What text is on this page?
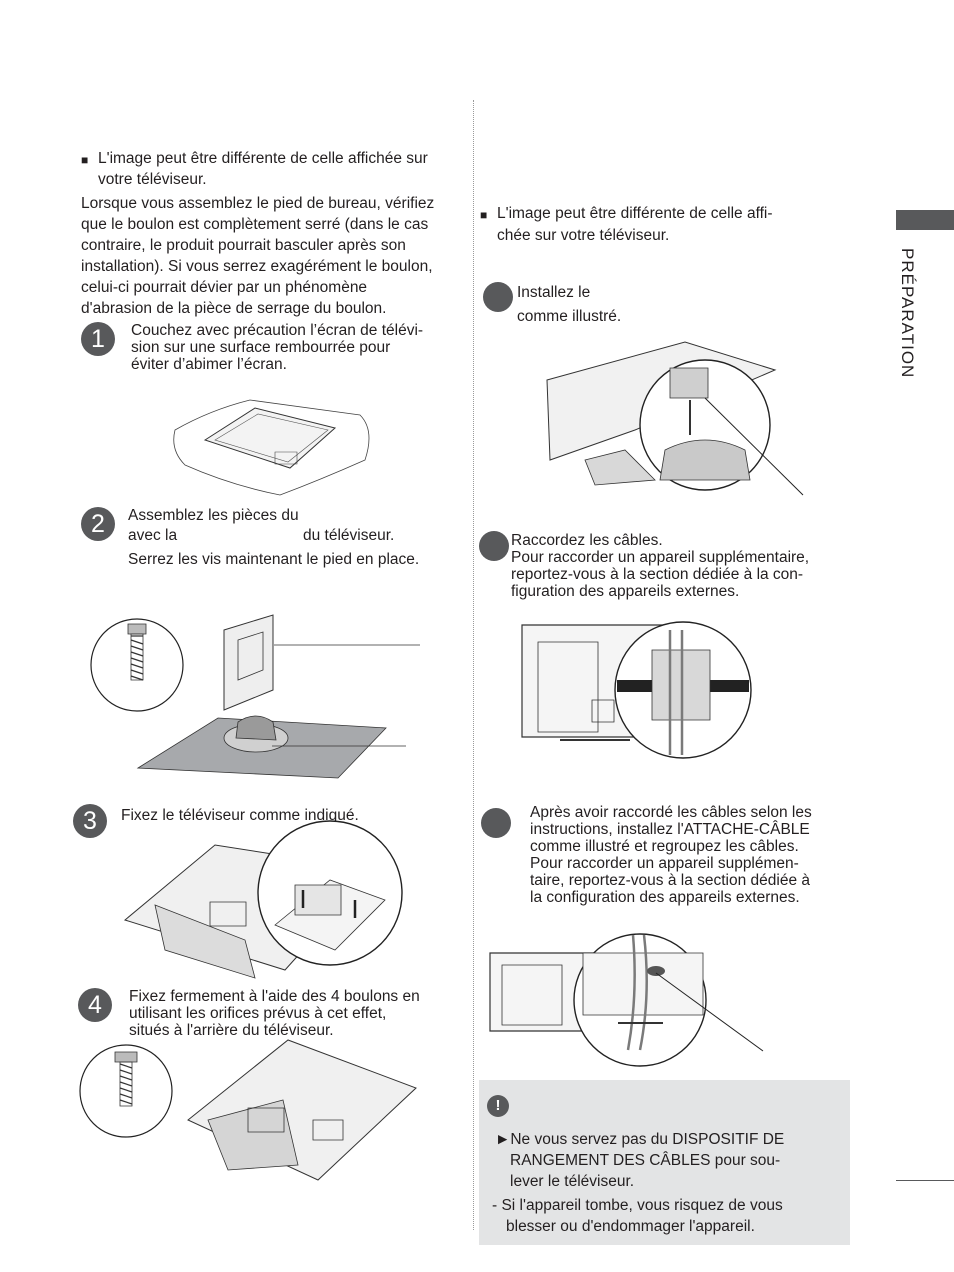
PRÉPARATION
■ L'image peut être différente de celle affichée sur
votre téléviseur.
Lorsque vous assemblez le pied de bureau, vérifiez
que le boulon est complètement serré (dans le cas
contraire, le produit pourrait basculer après son
installation). Si vous serrez exagérément le boulon,
celui-ci pourrait dévier par un phénomène
d'abrasion de la pièce de serrage du boulon.
1	Couchez avec précaution l’écran de télévi-
sion sur une surface rembourrée pour
éviter d’abimer l’écran.
2	Assemblez les pièces du
avec la	du téléviseur.
Serrez les vis maintenant le pied en place.
3	Fixez le téléviseur comme indiqué.
4	Fixez fermement à l'aide des 4 boulons en
utilisant les orifices prévus à cet effet,
situés à l'arrière du téléviseur.
■ L'image peut être différente de celle affi-
chée sur votre téléviseur.
Installez le
comme illustré.
Raccordez les câbles.
Pour raccorder un appareil supplémentaire,
reportez-vous à la section dédiée à la con-
figuration des appareils externes.
Après avoir raccordé les câbles selon les
instructions, installez l'ATTACHE-CÂBLE
comme illustré et regroupez les câbles.
Pour raccorder un appareil supplémen-
taire, reportez-vous à la section dédiée à
la configuration des appareils externes.
!
►Ne vous servez pas du DISPOSITIF DE
RANGEMENT DES CÂBLES pour sou-
lever le téléviseur.
- Si l'appareil tombe, vous risquez de vous
blesser ou d'endommager l'appareil.
